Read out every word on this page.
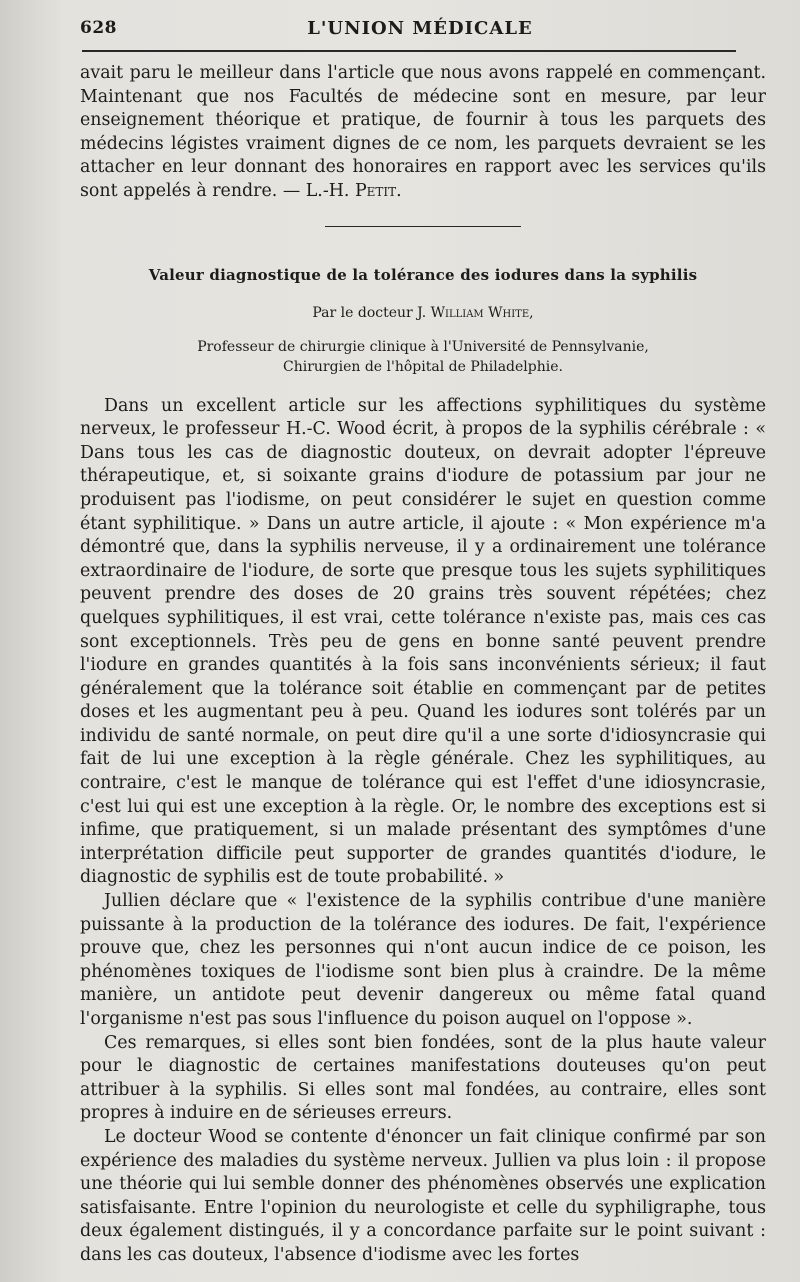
628	L'UNION MÉDICALE

avait paru le meilleur dans l'article que nous avons rappelé en commençant. Maintenant que nos Facultés de médecine sont en mesure, par leur enseignement théorique et pratique, de fournir à tous les parquets des médecins légistes vraiment dignes de ce nom, les parquets devraient se les attacher en leur donnant des honoraires en rapport avec les services qu'ils sont appelés à rendre. — L.-H. Petit.

Valeur diagnostique de la tolérance des iodures dans la syphilis
Par le docteur J. William White,
Professeur de chirurgie clinique à l'Université de Pennsylvanie,
Chirurgien de l'hôpital de Philadelphie.

Dans un excellent article sur les affections syphilitiques du système nerveux, le professeur H.-C. Wood écrit, à propos de la syphilis cérébrale : « Dans tous les cas de diagnostic douteux, on devrait adopter l'épreuve thérapeutique, et, si soixante grains d'iodure de potassium par jour ne produisent pas l'iodisme, on peut considérer le sujet en question comme étant syphilitique. » Dans un autre article, il ajoute : « Mon expérience m'a démontré que, dans la syphilis nerveuse, il y a ordinairement une tolérance extraordinaire de l'iodure, de sorte que presque tous les sujets syphilitiques peuvent prendre des doses de 20 grains très souvent répétées; chez quelques syphilitiques, il est vrai, cette tolérance n'existe pas, mais ces cas sont exceptionnels. Très peu de gens en bonne santé peuvent prendre l'iodure en grandes quantités à la fois sans inconvénients sérieux; il faut généralement que la tolérance soit établie en commençant par de petites doses et les augmentant peu à peu. Quand les iodures sont tolérés par un individu de santé normale, on peut dire qu'il a une sorte d'idiosyncrasie qui fait de lui une exception à la règle générale. Chez les syphilitiques, au contraire, c'est le manque de tolérance qui est l'effet d'une idiosyncrasie, c'est lui qui est une exception à la règle. Or, le nombre des exceptions est si infime, que pratiquement, si un malade présentant des symptômes d'une interprétation difficile peut supporter de grandes quantités d'iodure, le diagnostic de syphilis est de toute probabilité. »

Jullien déclare que « l'existence de la syphilis contribue d'une manière puissante à la production de la tolérance des iodures. De fait, l'expérience prouve que, chez les personnes qui n'ont aucun indice de ce poison, les phénomènes toxiques de l'iodisme sont bien plus à craindre. De la même manière, un antidote peut devenir dangereux ou même fatal quand l'organisme n'est pas sous l'influence du poison auquel on l'oppose ».

Ces remarques, si elles sont bien fondées, sont de la plus haute valeur pour le diagnostic de certaines manifestations douteuses qu'on peut attribuer à la syphilis. Si elles sont mal fondées, au contraire, elles sont propres à induire en de sérieuses erreurs.

Le docteur Wood se contente d'énoncer un fait clinique confirmé par son expérience des maladies du système nerveux. Jullien va plus loin : il propose une théorie qui lui semble donner des phénomènes observés une explication satisfaisante. Entre l'opinion du neurologiste et celle du syphiligraphe, tous deux également distingués, il y a concordance parfaite sur le point suivant : dans les cas douteux, l'absence d'iodisme avec les fortes
